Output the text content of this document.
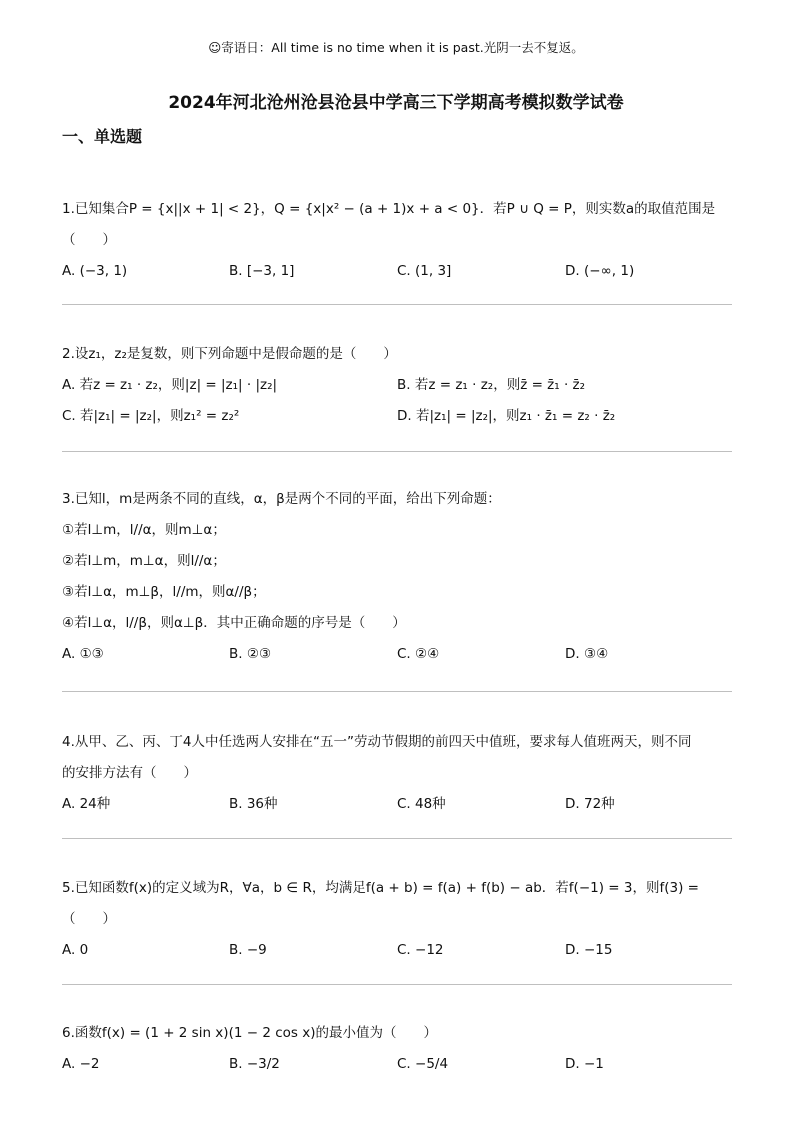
☺寄语日：All time is no time when it is past.光阴一去不复返。
2024年河北沧州沧县沧县中学高三下学期高考模拟数学试卷
一、单选题
1.已知集合P = {x||x + 1| < 2}，Q = {x|x² − (a + 1)x + a < 0}．若P ∪ Q = P，则实数a的取值范围是
（　　）
A. (−3, 1)	B. [−3, 1]	C. (1, 3]	D. (−∞, 1)
2.设z₁，z₂是复数，则下列命题中是假命题的是（　　）
A. 若z = z₁ · z₂，则|z| = |z₁| · |z₂|	B. 若z = z₁ · z₂，则z̄ = z̄₁ · z̄₂
C. 若|z₁| = |z₂|，则z₁² = z₂²	D. 若|z₁| = |z₂|，则z₁ · z̄₁ = z₂ · z̄₂
3.已知l，m是两条不同的直线，α，β是两个不同的平面，给出下列命题：
①若l⊥m，l//α，则m⊥α；
②若l⊥m，m⊥α，则l//α；
③若l⊥α，m⊥β，l//m，则α//β；
④若l⊥α，l//β，则α⊥β．其中正确命题的序号是（　　）
A. ①③	B. ②③	C. ②④	D. ③④
4.从甲、乙、丙、丁4人中任选两人安排在“五一”劳动节假期的前四天中值班，要求每人值班两天，则不同
的安排方法有（　　）
A. 24种	B. 36种	C. 48种	D. 72种
5.已知函数f(x)的定义域为R，∀a，b ∈ R，均满足f(a + b) = f(a) + f(b) − ab．若f(−1) = 3，则f(3) =
（　　）
A. 0	B. −9	C. −12	D. −15
6.函数f(x) = (1 + 2 sin x)(1 − 2 cos x)的最小值为（　　）
A. −2	B. −3/2	C. −5/4	D. −1
